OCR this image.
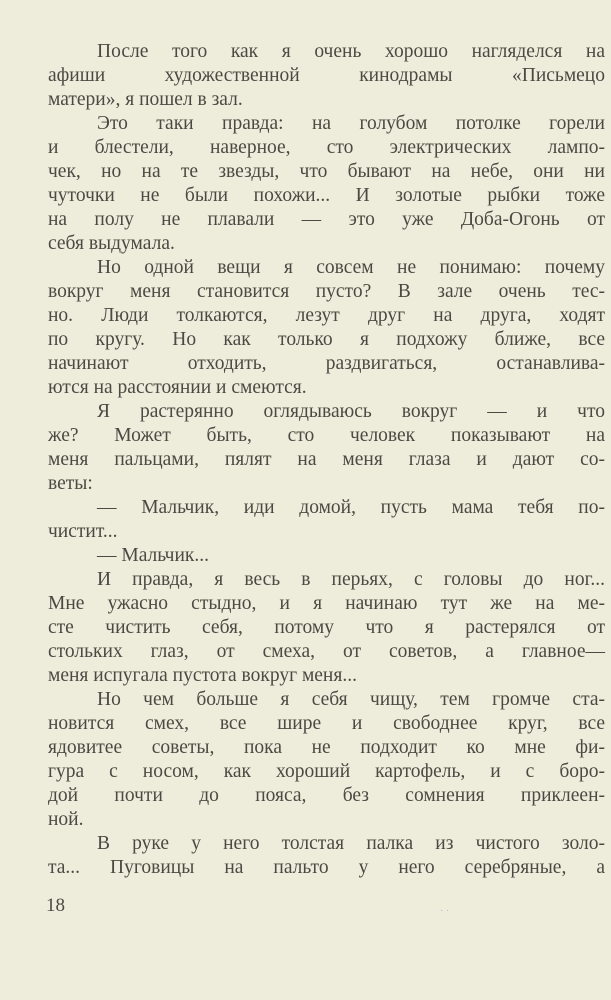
После того как я очень хорошо нагляделся на
афиши художественной кинодрамы «Письмецо
матери», я пошел в зал.
Это таки правда: на голубом потолке горели
и блестели, наверное, сто электрических лампо-
чек, но на те звезды, что бывают на небе, они ни
чуточки не были похожи... И золотые рыбки тоже
на полу не плавали — это уже Доба-Огонь от
себя выдумала.
Но одной вещи я совсем не понимаю: почему
вокруг меня становится пусто? В зале очень тес-
но. Люди толкаются, лезут друг на друга, ходят
по кругу. Но как только я подхожу ближе, все
начинают отходить, раздвигаться, останавлива-
ются на расстоянии и смеются.
Я растерянно оглядываюсь вокруг — и что
же? Может быть, сто человек показывают на
меня пальцами, пялят на меня глаза и дают со-
веты:
— Мальчик, иди домой, пусть мама тебя по-
чистит...
— Мальчик...
И правда, я весь в перьях, с головы до ног...
Мне ужасно стыдно, и я начинаю тут же на ме-
сте чистить себя, потому что я растерялся от
стольких глаз, от смеха, от советов, а главное—
меня испугала пустота вокруг меня...
Но чем больше я себя чищу, тем громче ста-
новится смех, все шире и свободнее круг, все
ядовитее советы, пока не подходит ко мне фи-
гура с носом, как хороший картофель, и с боро-
дой почти до пояса, без сомнения приклеен-
ной.
В руке у него толстая палка из чистого золо-
та... Пуговицы на пальто у него серебряные, а
18	· ·
